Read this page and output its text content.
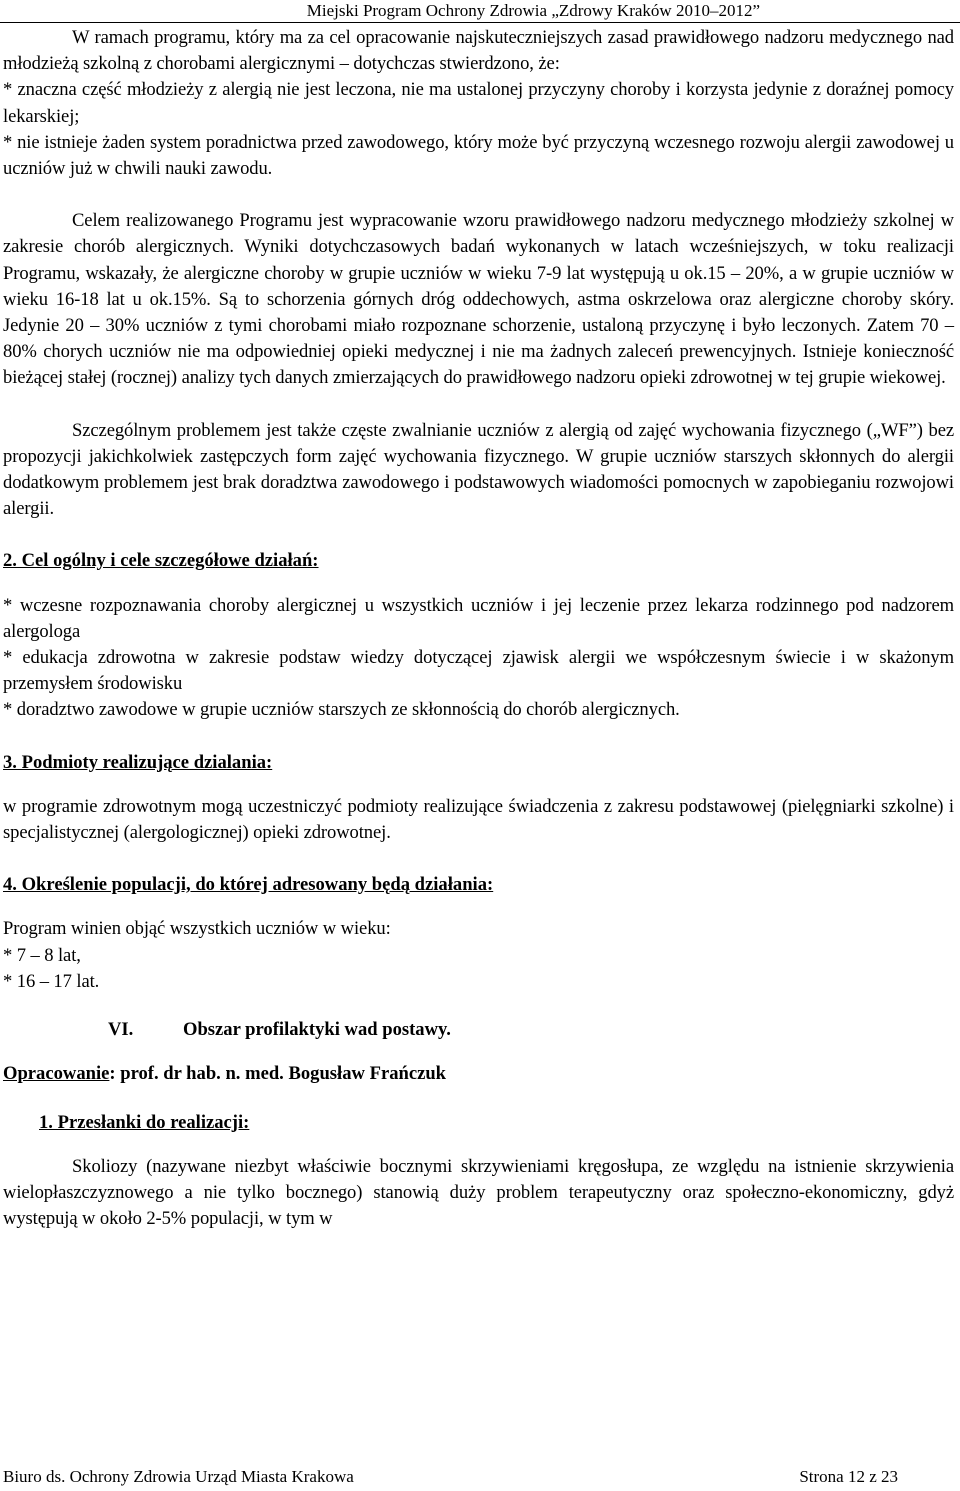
Miejski Program Ochrony Zdrowia „Zdrowy Kraków 2010–2012”

W ramach programu, który ma za cel opracowanie najskuteczniejszych zasad prawidłowego nadzoru medycznego nad młodzieżą szkolną z chorobami alergicznymi – dotychczas stwierdzono, że:

* znaczna część młodzieży z alergią nie jest leczona, nie ma ustalonej przyczyny choroby i korzysta jedynie z doraźnej pomocy lekarskiej;

* nie istnieje żaden system poradnictwa przed zawodowego, który może być przyczyną wczesnego rozwoju alergii zawodowej u uczniów już w chwili nauki zawodu.

Celem realizowanego Programu jest wypracowanie wzoru prawidłowego nadzoru medycznego młodzieży szkolnej w zakresie chorób alergicznych. Wyniki dotychczasowych badań wykonanych w latach wcześniejszych, w toku realizacji Programu, wskazały, że alergiczne choroby w grupie uczniów w wieku 7-9 lat występują u ok.15 – 20%, a w grupie uczniów w wieku 16-18 lat u ok.15%. Są to schorzenia górnych dróg oddechowych, astma oskrzelowa oraz alergiczne choroby skóry. Jedynie 20 – 30% uczniów z tymi chorobami miało rozpoznane schorzenie, ustaloną przyczynę i było leczonych. Zatem 70 – 80% chorych uczniów nie ma odpowiedniej opieki medycznej i nie ma żadnych zaleceń prewencyjnych. Istnieje konieczność bieżącej stałej (rocznej) analizy tych danych zmierzających do prawidłowego nadzoru opieki zdrowotnej w tej grupie wiekowej.

Szczególnym problemem jest także częste zwalnianie uczniów z alergią od zajęć wychowania fizycznego („WF”) bez propozycji jakichkolwiek zastępczych form zajęć wychowania fizycznego. W grupie uczniów starszych skłonnych do alergii dodatkowym problemem jest brak doradztwa zawodowego i podstawowych wiadomości pomocnych w zapobieganiu rozwojowi alergii.

2. Cel ogólny i cele szczegółowe działań:

* wczesne rozpoznawania choroby alergicznej u wszystkich uczniów i jej leczenie przez lekarza rodzinnego pod nadzorem alergologa

* edukacja zdrowotna w zakresie podstaw wiedzy dotyczącej zjawisk alergii we współczesnym świecie i w skażonym przemysłem środowisku

* doradztwo zawodowe w grupie uczniów starszych ze skłonnością do chorób alergicznych.

3. Podmioty realizujące dzialania:

w programie zdrowotnym mogą uczestniczyć podmioty realizujące świadczenia z zakresu podstawowej (pielęgniarki szkolne) i specjalistycznej (alergologicznej) opieki zdrowotnej.

4. Określenie populacji, do której adresowany będą działania:

Program winien objąć wszystkich uczniów w wieku:

* 7 – 8 lat,

* 16 – 17 lat.

VI.	Obszar profilaktyki wad postawy.
Opracowanie: prof. dr hab. n. med. Bogusław Frańczuk
1. Przesłanki do realizacji:

Skoliozy (nazywane niezbyt właściwie bocznymi skrzywieniami kręgosłupa, ze względu na istnienie skrzywienia wielopłaszczyznowego a nie tylko bocznego) stanowią duży problem terapeutyczny oraz społeczno-ekonomiczny, gdyż występują w około 2-5% populacji, w tym w

Biuro ds. Ochrony Zdrowia Urząd Miasta Krakowa	Strona 12 z 23
